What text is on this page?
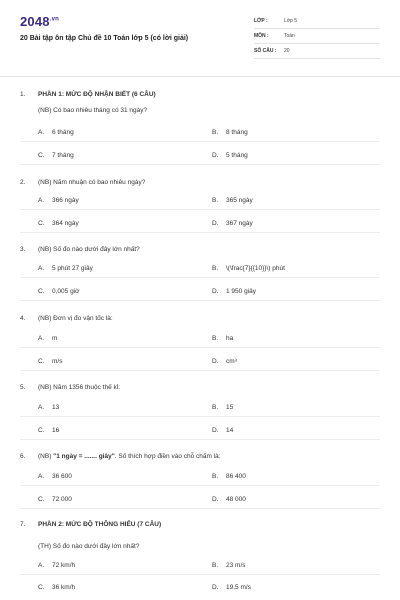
$2048^{.vn}$
20 Bài tập ôn tập Chủ đề 10 Toán lớp 5 (có lời giải)
LỚP :	Lớp 5
MÔN :	Toán
SỐ CÂU : 20
1. PHẦN 1: MỨC ĐỘ NHẬN BIẾT (6 CÂU)
(NB) Có bao nhiêu tháng có 31 ngày?
A. 6 tháng	B. 8 tháng
C. 7 tháng	D. 5 tháng
2. (NB) Năm nhuận có bao nhiêu ngày?
A. 366 ngày	B. 365 ngày
C. 364 ngày	D. 367 ngày
3. (NB) Số đo nào dưới đây lớn nhất?
A. 5 phút 27 giây	B. \(\frac{7}{{10}}\) phút
C. 0,005 giờ	D. 1 950 giây
4. (NB) Đơn vị đo vận tốc là:
A. m	B. ha
C. m/s	D. cm³
5. (NB) Năm 1356 thuộc thế kỉ:
A. 13	B. 15
C. 16	D. 14
6. (NB) "1 ngày = ....... giây". Số thích hợp điền vào chỗ chấm là:
A. 36 600	B. 86 400
C. 72 000	D. 48 000
7. PHẦN 2: MỨC ĐỘ THÔNG HIỂU (7 CÂU)
(TH) Số đo nào dưới đây lớn nhất?
A. 72 km/h	B. 23 m/s
C. 36 km/h	D. 19,5 m/s
